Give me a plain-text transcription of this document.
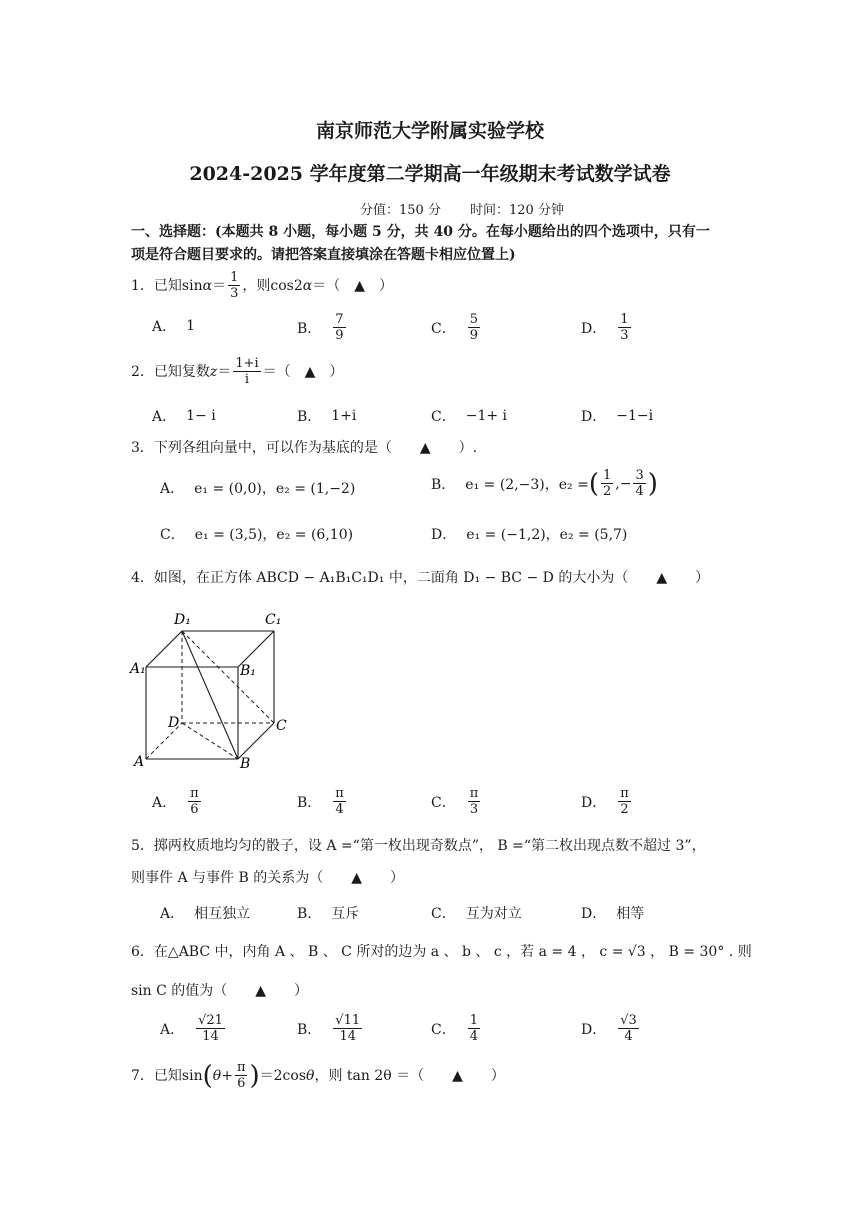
南京师范大学附属实验学校
2024-2025 学年度第二学期高一年级期末考试数学试卷
分值：150 分 时间：120 分钟
一、选择题：(本题共 8 小题，每小题 5 分，共 40 分。在每小题给出的四个选项中，只有一
项是符合题目要求的。请把答案直接填涂在答题卡相应位置上)
1． 已知 sinα＝ 1
3 ，则 cos2α ＝（　▲　）
A． 1	B．
7
9	C．
5
9	D．
1
3
2． 已知复数 z ＝ 1+i
i ＝ （　▲　）
A． 1− i	B． 1+i	C． −1+ i	D． −1−i
3． 下列各组向量中，可以作为基底的是（　　▲　　）.
A． e₁ = (0,0)，e₂ = (1,−2)	B． e₁ = (2,−3)，e₂ = ( 1
2 ,− $\frac{3}{4}$ )
C． e₁ = (3,5)，e₂ = (6,10)	D． e₁ = (−1,2)，e₂ = (5,7)
4． 如图，在正方体 ABCD − A₁B₁C₁D₁ 中，二面角 D₁ − BC − D 的大小为（　　▲　　）
D₁	C₁
A₁	B₁
D	C
A	B
A．
π
6	B．
π
4	C．
π
3	D．
π
2
5． 掷两枚质地均匀的骰子，设 A =“第一枚出现奇数点”， B =“第二枚出现点数不超过 3”，
则事件 A 与事件 B 的关系为（　　▲　　）
A． 相互独立	B． 互斥	C． 互为对立	D． 相等
6． 在△ABC 中，内角 A 、 B 、 C 所对的边为 a 、 b 、 c ，若 a = 4 ， c = √3 ， B = 30° . 则
sin C 的值为（　　▲　　）
A．
√21
14	B．
√11
14	C．
1
4	D．
√3
4
7． 已知 sin ( θ + π
6 ) ＝2cosθ ，则 tan 2θ ＝（　　▲　　）
